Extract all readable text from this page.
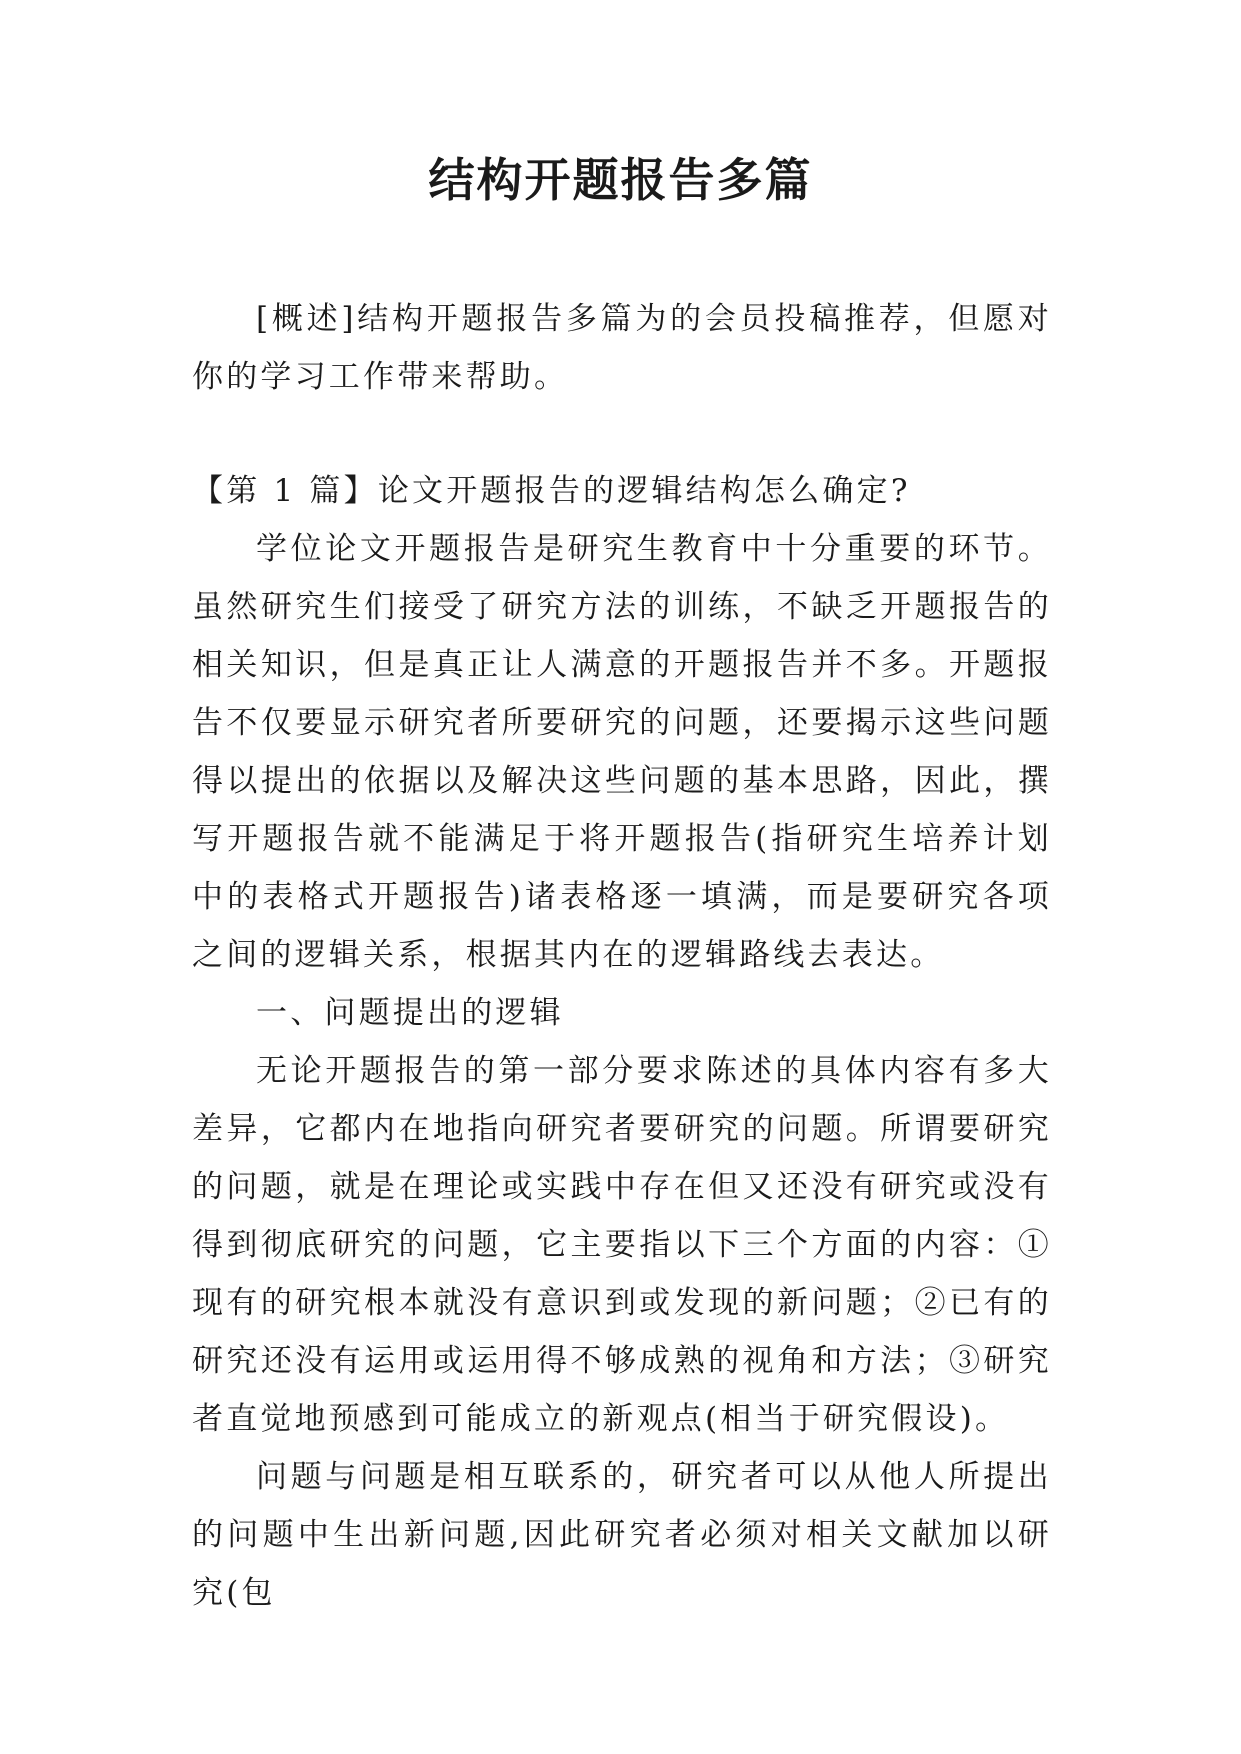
结构开题报告多篇

[概述]结构开题报告多篇为的会员投稿推荐，但愿对你的学习工作带来帮助。

【第 1 篇】论文开题报告的逻辑结构怎么确定?

学位论文开题报告是研究生教育中十分重要的环节。虽然研究生们接受了研究方法的训练，不缺乏开题报告的相关知识，但是真正让人满意的开题报告并不多。开题报告不仅要显示研究者所要研究的问题，还要揭示这些问题得以提出的依据以及解决这些问题的基本思路，因此，撰写开题报告就不能满足于将开题报告(指研究生培养计划中的表格式开题报告)诸表格逐一填满，而是要研究各项之间的逻辑关系，根据其内在的逻辑路线去表达。

一、问题提出的逻辑

无论开题报告的第一部分要求陈述的具体内容有多大差异，它都内在地指向研究者要研究的问题。所谓要研究的问题，就是在理论或实践中存在但又还没有研究或没有得到彻底研究的问题，它主要指以下三个方面的内容：①现有的研究根本就没有意识到或发现的新问题；②已有的研究还没有运用或运用得不够成熟的视角和方法；③研究者直觉地预感到可能成立的新观点(相当于研究假设)。

问题与问题是相互联系的，研究者可以从他人所提出的问题中生出新问题,因此研究者必须对相关文献加以研究(包
